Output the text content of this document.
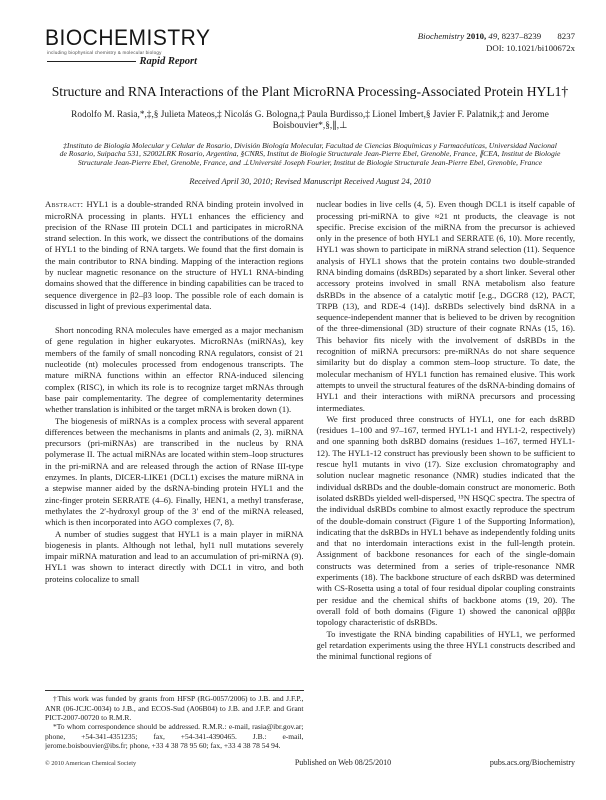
BIOCHEMISTRY
including biophysical chemistry & molecular biology
Rapid Report
Biochemistry 2010, 49, 8237–8239 8237
DOI: 10.1021/bi100672x
Structure and RNA Interactions of the Plant MicroRNA Processing-Associated Protein HYL1†
Rodolfo M. Rasia,*,‡,§ Julieta Mateos,‡ Nicolás G. Bologna,‡ Paula Burdisso,‡ Lionel Imbert,§ Javier F. Palatnik,‡ and Jerome Boisbouvier*,§,∥,⊥
‡Instituto de Biología Molecular y Celular de Rosario, División Biología Molecular, Facultad de Ciencias Bioquímicas y Farmacéuticas, Universidad Nacional de Rosario, Suipacha 531, S2002LRK Rosario, Argentina, §CNRS, Institut de Biologie Structurale Jean-Pierre Ebel, Grenoble, France, ∥CEA, Institut de Biologie Structurale Jean-Pierre Ebel, Grenoble, France, and ⊥Université Joseph Fourier, Institut de Biologie Structurale Jean-Pierre Ebel, Grenoble, France
Received April 30, 2010; Revised Manuscript Received August 24, 2010

Abstract: HYL1 is a double-stranded RNA binding protein involved in microRNA processing in plants. HYL1 enhances the efficiency and precision of the RNase III protein DCL1 and participates in microRNA strand selection. In this work, we dissect the contributions of the domains of HYL1 to the binding of RNA targets. We found that the first domain is the main contributor to RNA binding. Mapping of the interaction regions by nuclear magnetic resonance on the structure of HYL1 RNA-binding domains showed that the difference in binding capabilities can be traced to sequence divergence in β2–β3 loop. The possible role of each domain is discussed in light of previous experimental data.

Short noncoding RNA molecules have emerged as a major mechanism of gene regulation in higher eukaryotes. MicroRNAs (miRNAs), key members of the family of small noncoding RNA regulators, consist of 21 nucleotide (nt) molecules processed from endogenous transcripts. The mature miRNA functions within an effector RNA-induced silencing complex (RISC), in which its role is to recognize target mRNAs through base pair complementarity. The degree of complementarity determines whether translation is inhibited or the target mRNA is broken down (1).

The biogenesis of miRNAs is a complex process with several apparent differences between the mechanisms in plants and animals (2, 3). miRNA precursors (pri-miRNAs) are transcribed in the nucleus by RNA polymerase II. The actual miRNAs are located within stem–loop structures in the pri-miRNA and are released through the action of RNase III-type enzymes. In plants, DICER-LIKE1 (DCL1) excises the mature miRNA in a stepwise manner aided by the dsRNA-binding protein HYL1 and the zinc-finger protein SERRATE (4–6). Finally, HEN1, a methyl transferase, methylates the 2′-hydroxyl group of the 3′ end of the miRNA released, which is then incorporated into AGO complexes (7, 8).

A number of studies suggest that HYL1 is a main player in miRNA biogenesis in plants. Although not lethal, hyl1 null mutations severely impair miRNA maturation and lead to an accumulation of pri-miRNA (9). HYL1 was shown to interact directly with DCL1 in vitro, and both proteins colocalize to small

†This work was funded by grants from HFSP (RG-0057/2006) to J.B. and J.F.P., ANR (06-JCJC-0034) to J.B., and ECOS-Sud (A06B04) to J.B. and J.F.P. and Grant PICT-2007-00720 to R.M.R.

*To whom correspondence should be addressed. R.M.R.: e-mail, rasia@ibr.gov.ar; phone, +54-341-4351235; fax, +54-341-4390465. J.B.: e-mail, jerome.boisbouvier@ibs.fr; phone, +33 4 38 78 95 60; fax, +33 4 38 78 54 94.

nuclear bodies in live cells (4, 5). Even though DCL1 is itself capable of processing pri-miRNA to give ≈21 nt products, the cleavage is not specific. Precise excision of the miRNA from the precursor is achieved only in the presence of both HYL1 and SERRATE (6, 10). More recently, HYL1 was shown to participate in miRNA strand selection (11). Sequence analysis of HYL1 shows that the protein contains two double-stranded RNA binding domains (dsRBDs) separated by a short linker. Several other accessory proteins involved in small RNA metabolism also feature dsRBDs in the absence of a catalytic motif [e.g., DGCR8 (12), PACT, TRPB (13), and RDE-4 (14)]. dsRBDs selectively bind dsRNA in a sequence-independent manner that is believed to be driven by recognition of the three-dimensional (3D) structure of their cognate RNAs (15, 16). This behavior fits nicely with the involvement of dsRBDs in the recognition of miRNA precursors: pre-miRNAs do not share sequence similarity but do display a common stem–loop structure. To date, the molecular mechanism of HYL1 function has remained elusive. This work attempts to unveil the structural features of the dsRNA-binding domains of HYL1 and their interactions with miRNA precursors and processing intermediates.

We first produced three constructs of HYL1, one for each dsRBD (residues 1–100 and 97–167, termed HYL1-1 and HYL1-2, respectively) and one spanning both dsRBD domains (residues 1–167, termed HYL1-12). The HYL1-12 construct has previously been shown to be sufficient to rescue hyl1 mutants in vivo (17). Size exclusion chromatography and solution nuclear magnetic resonance (NMR) studies indicated that the individual dsRBDs and the double-domain construct are monomeric. Both isolated dsRBDs yielded well-dispersed, ¹⁵N HSQC spectra. The spectra of the individual dsRBDs combine to almost exactly reproduce the spectrum of the double-domain construct (Figure 1 of the Supporting Information), indicating that the dsRBDs in HYL1 behave as independently folding units and that no interdomain interactions exist in the full-length protein. Assignment of backbone resonances for each of the single-domain constructs was determined from a series of triple-resonance NMR experiments (18). The backbone structure of each dsRBD was determined with CS-Rosetta using a total of four residual dipolar coupling constraints per residue and the chemical shifts of backbone atoms (19, 20). The overall fold of both domains (Figure 1) showed the canonical αβββα topology characteristic of dsRBDs.

To investigate the RNA binding capabilities of HYL1, we performed gel retardation experiments using the three HYL1 constructs described and the minimal functional regions of

© 2010 American Chemical Society	Published on Web 08/25/2010	pubs.acs.org/Biochemistry
